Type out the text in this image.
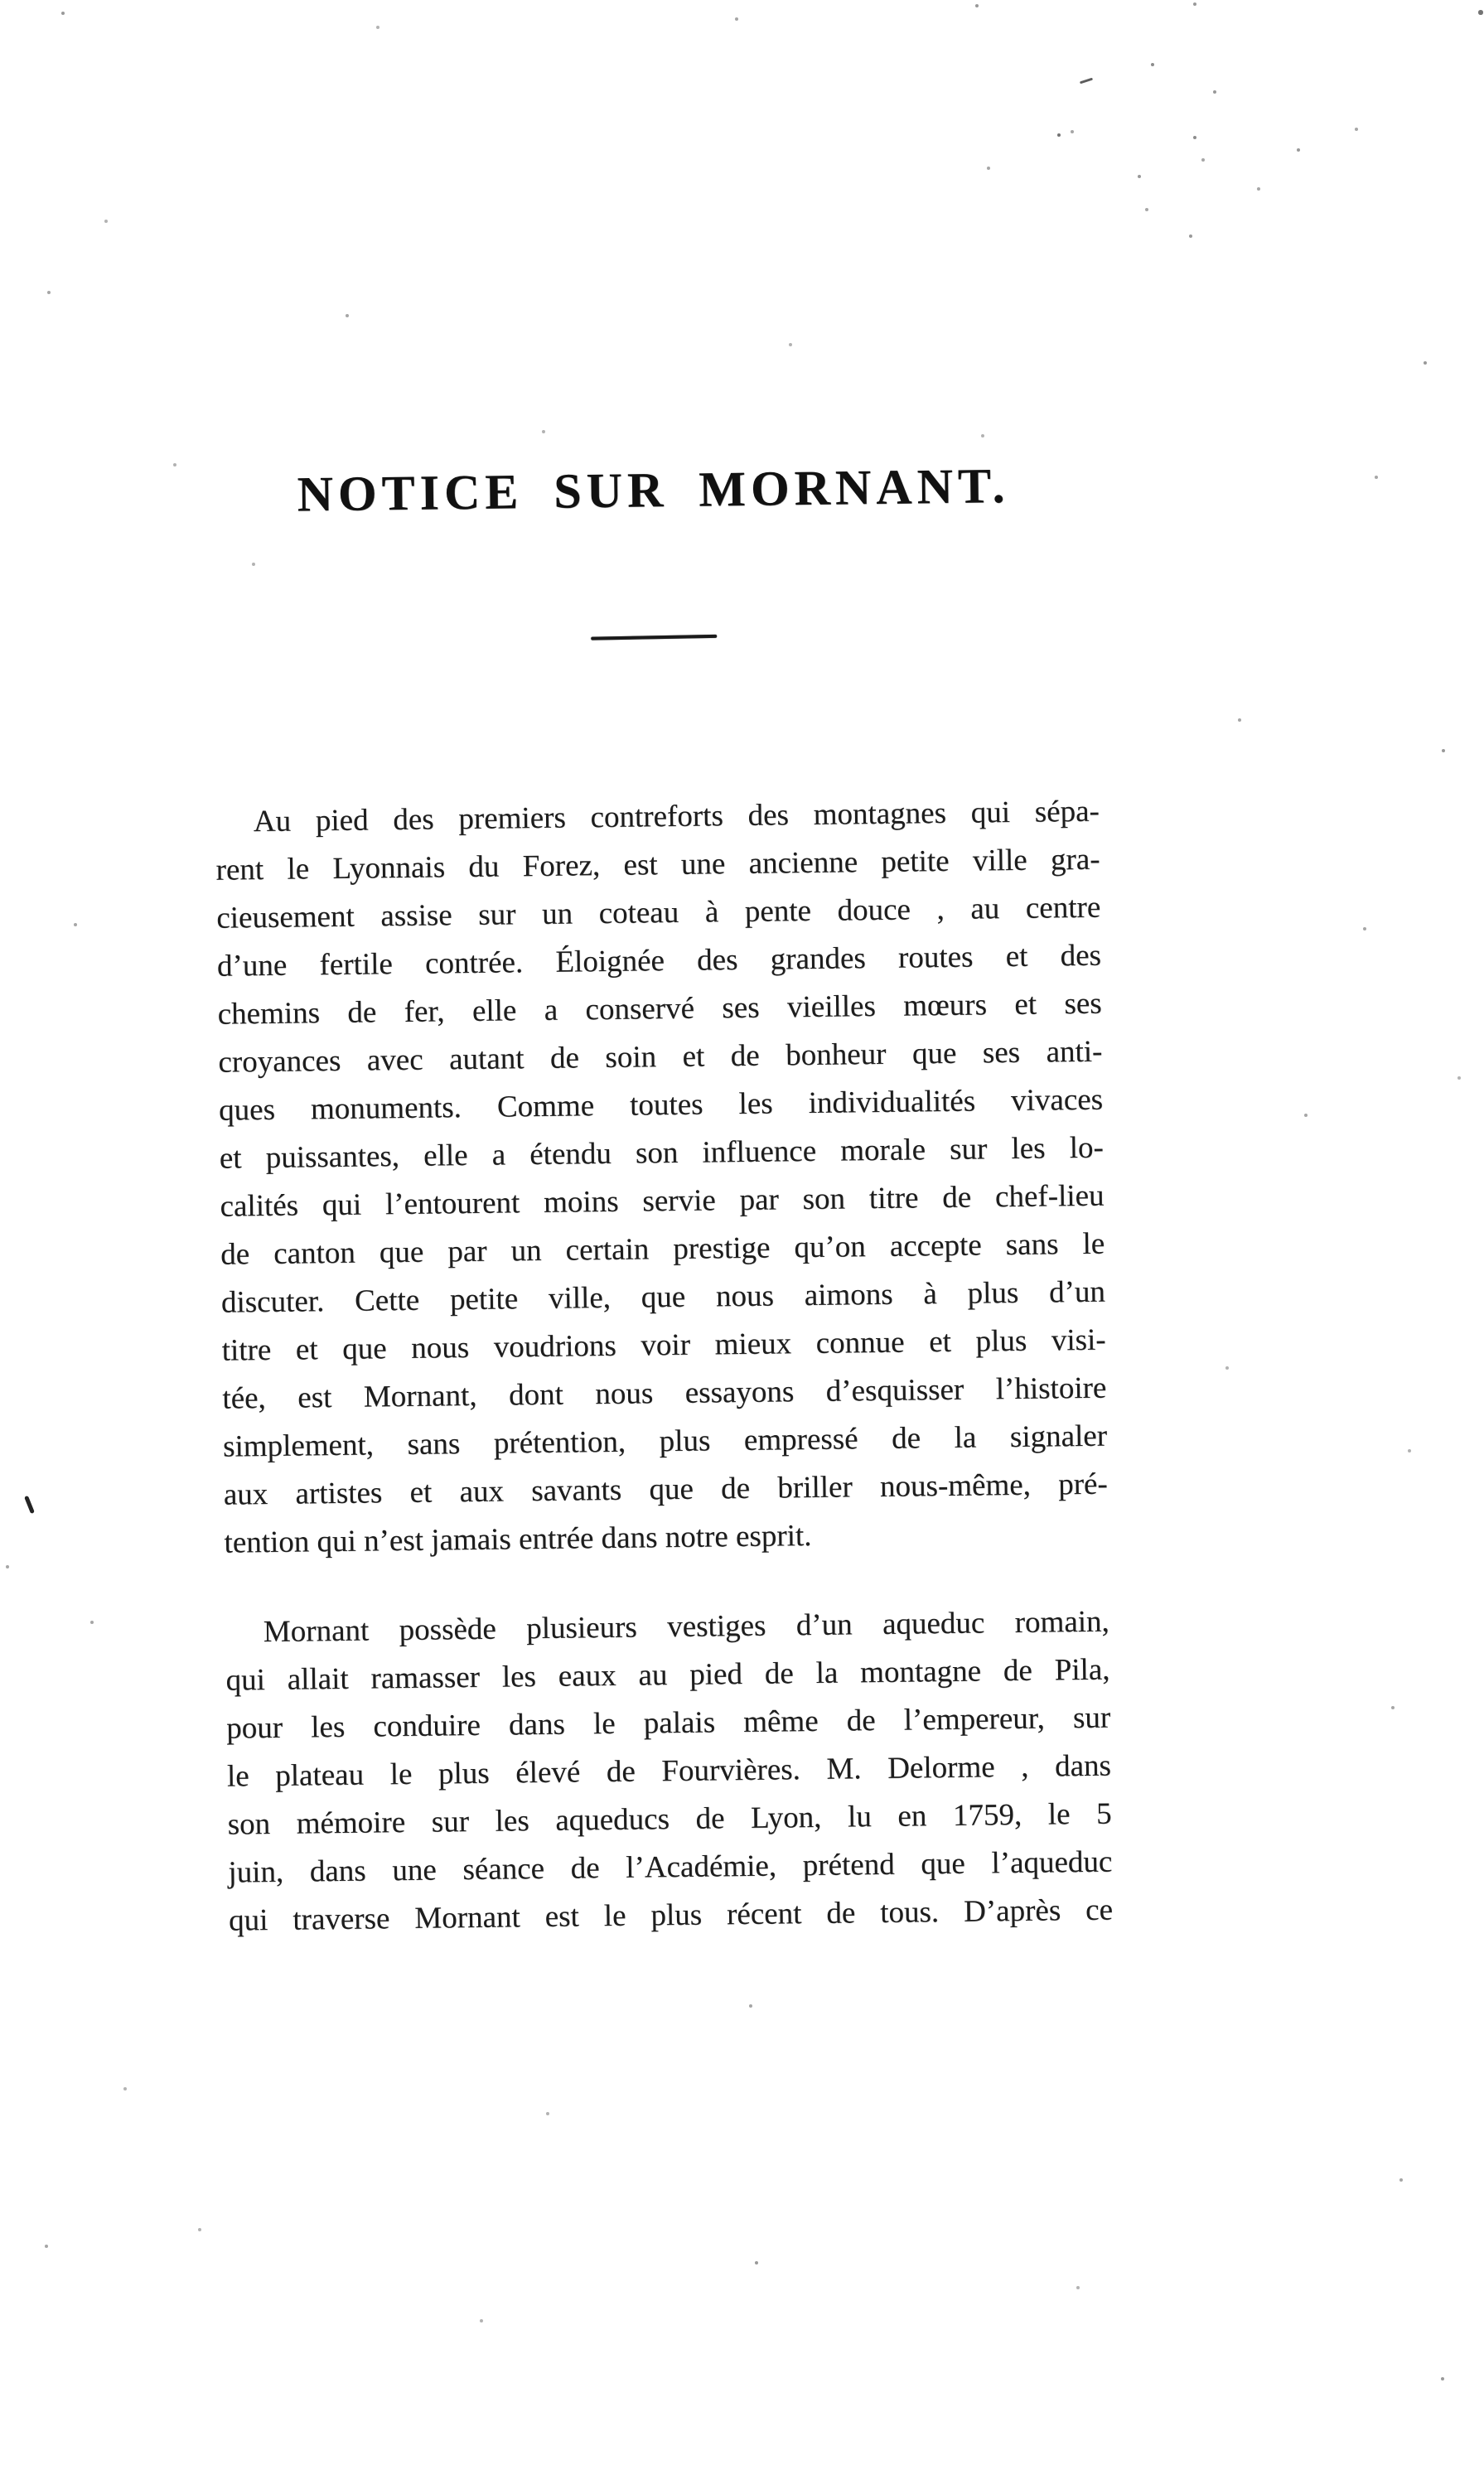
NOTICE SUR MORNANT.

Au pied des premiers contreforts des montagnes qui sépa-
rent le Lyonnais du Forez, est une ancienne petite ville gra-
cieusement assise sur un coteau à pente douce , au centre
d’une fertile contrée. Éloignée des grandes routes et des
chemins de fer, elle a conservé ses vieilles mœurs et ses
croyances avec autant de soin et de bonheur que ses anti-
ques monuments. Comme toutes les individualités vivaces
et puissantes, elle a étendu son influence morale sur les lo-
calités qui l’entourent moins servie par son titre de chef-lieu
de canton que par un certain prestige qu’on accepte sans le
discuter. Cette petite ville, que nous aimons à plus d’un
titre et que nous voudrions voir mieux connue et plus visi-
tée, est Mornant, dont nous essayons d’esquisser l’histoire
simplement, sans prétention, plus empressé de la signaler
aux artistes et aux savants que de briller nous-même, pré-
tention qui n’est jamais entrée dans notre esprit.

Mornant possède plusieurs vestiges d’un aqueduc romain,
qui allait ramasser les eaux au pied de la montagne de Pila,
pour les conduire dans le palais même de l’empereur, sur
le plateau le plus élevé de Fourvières. M. Delorme , dans
son mémoire sur les aqueducs de Lyon, lu en 1759, le 5
juin, dans une séance de l’Académie, prétend que l’aqueduc
qui traverse Mornant est le plus récent de tous. D’après ce
